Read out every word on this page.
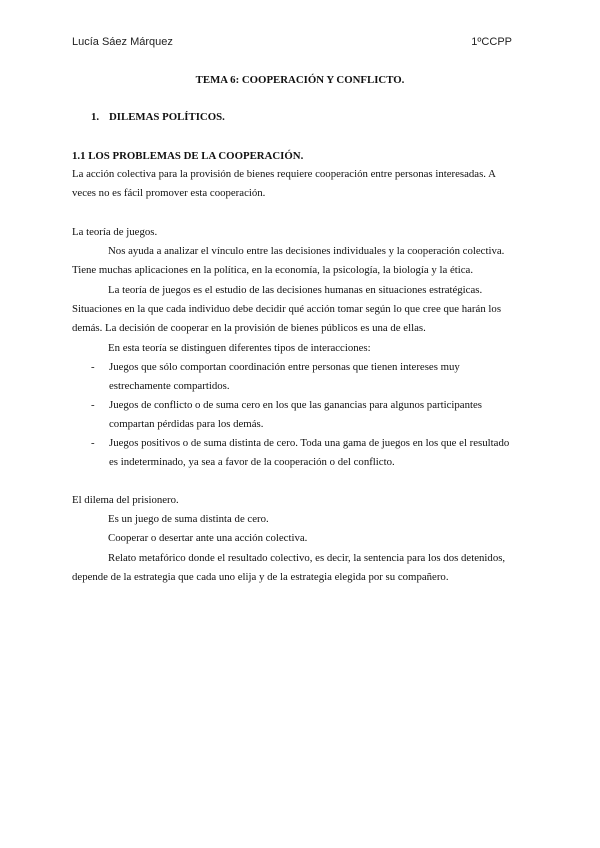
Lucía Sáez Márquez	1ºCCPP
TEMA 6: COOPERACIÓN Y CONFLICTO.
1. DILEMAS POLÍTICOS.
1.1 LOS PROBLEMAS DE LA COOPERACIÓN.
La acción colectiva para la provisión de bienes requiere cooperación entre personas interesadas. A
veces no es fácil promover esta cooperación.
La teoría de juegos.
Nos ayuda a analizar el vínculo entre las decisiones individuales y la cooperación colectiva.
Tiene muchas aplicaciones en la política, en la economía, la psicología, la biología y la ética.
La teoría de juegos es el estudio de las decisiones humanas en situaciones estratégicas.
Situaciones en la que cada individuo debe decidir qué acción tomar según lo que cree que harán los
demás. La decisión de cooperar en la provisión de bienes públicos es una de ellas.
En esta teoría se distinguen diferentes tipos de interacciones:
- Juegos que sólo comportan coordinación entre personas que tienen intereses muy
estrechamente compartidos.
- Juegos de conflicto o de suma cero en los que las ganancias para algunos participantes
compartan pérdidas para los demás.
- Juegos positivos o de suma distinta de cero. Toda una gama de juegos en los que el resultado
es indeterminado, ya sea a favor de la cooperación o del conflicto.
El dilema del prisionero.
Es un juego de suma distinta de cero.
Cooperar o desertar ante una acción colectiva.
Relato metafórico donde el resultado colectivo, es decir, la sentencia para los dos detenidos,
depende de la estrategia que cada uno elija y de la estrategia elegida por su compañero.
